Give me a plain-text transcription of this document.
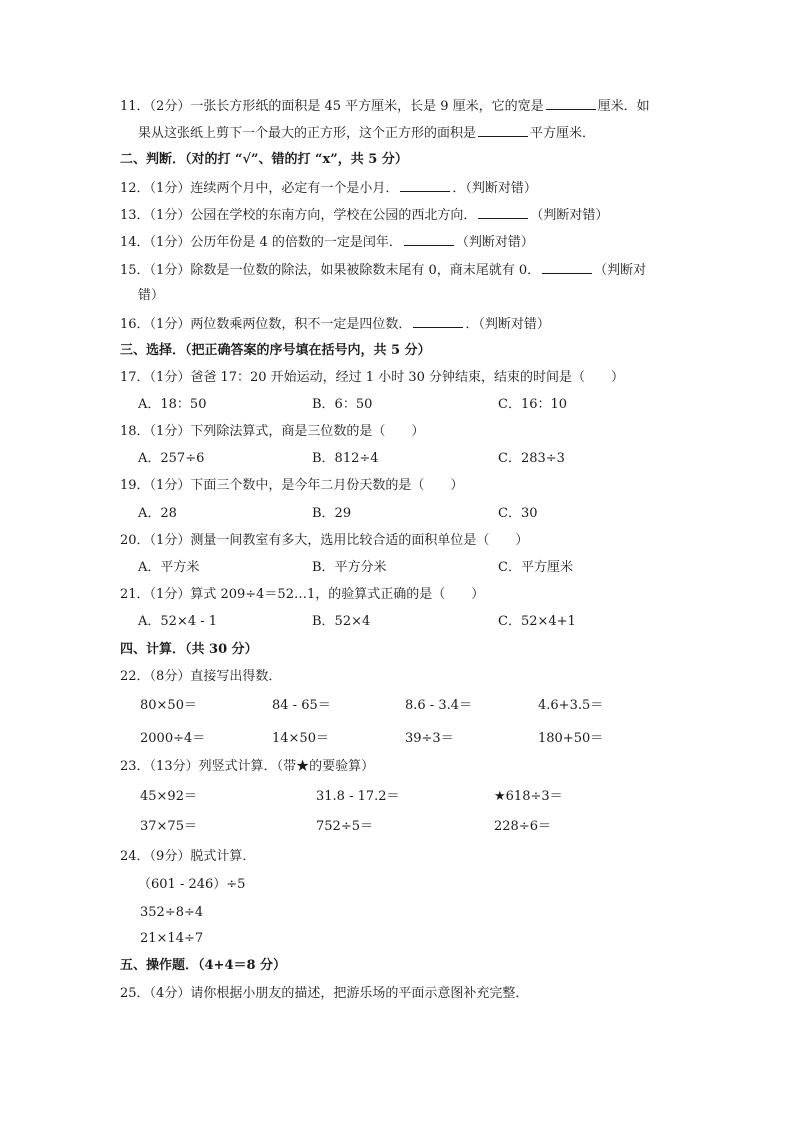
11．（2分）一张长方形纸的面积是 45 平方厘米，长是 9 厘米，它的宽是	厘米．如
果从这张纸上剪下一个最大的正方形，这个正方形的面积是	平方厘米．
二、判断．（对的打 “√”、错的打 “x”，共 5 分）
12．（1分）连续两个月中，必定有一个是小月．	．（判断对错）
13．（1分）公园在学校的东南方向，学校在公园的西北方向．	（判断对错）
14．（1分）公历年份是 4 的倍数的一定是闰年．	（判断对错）
15．（1分）除数是一位数的除法，如果被除数末尾有 0，商末尾就有 0．	（判断对
错）
16．（1分）两位数乘两位数，积不一定是四位数．	．（判断对错）
三、选择．（把正确答案的序号填在括号内，共 5 分）
17．（1分）爸爸 17：20 开始运动，经过 1 小时 30 分钟结束，结束的时间是（　　）
A．18：50	B．6：50	C．16：10
18．（1分）下列除法算式，商是三位数的是（　　）
A．257÷6	B．812÷4	C．283÷3
19．（1分）下面三个数中，是今年二月份天数的是（　　）
A．28	B．29	C．30
20．（1分）测量一间教室有多大，选用比较合适的面积单位是（　　）
A．平方米	B．平方分米	C．平方厘米
21．（1分）算式 209÷4＝52…1，的验算式正确的是（　　）
A．52×4 - 1	B．52×4	C．52×4+1
四、计算．（共 30 分）
22．（8分）直接写出得数．
80×50＝	84 - 65＝	8.6 - 3.4＝	4.6+3.5＝
2000÷4＝	14×50＝	39÷3＝	180+50＝
23．（13分）列竖式计算．（带★的要验算）
45×92＝	31.8 - 17.2＝	★618÷3＝
37×75＝	752÷5＝	228÷6＝
24．（9分）脱式计算．
（601 - 246）÷5
352÷8÷4
21×14÷7
五、操作题．（4+4＝8 分）
25．（4分）请你根据小朋友的描述，把游乐场的平面示意图补充完整．
